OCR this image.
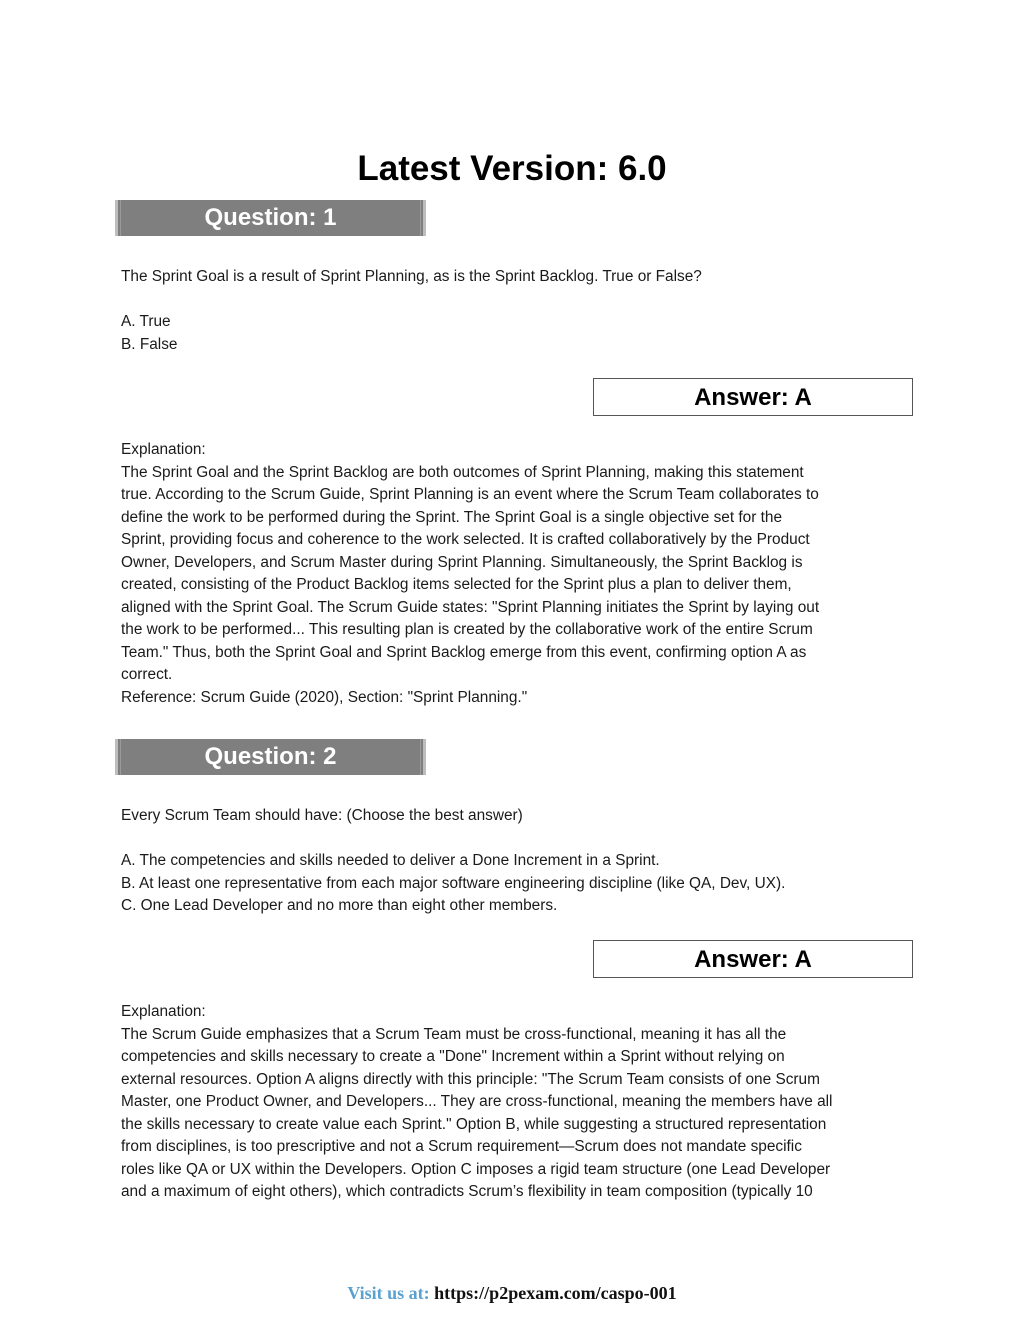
Latest Version: 6.0
Question: 1

The Sprint Goal is a result of Sprint Planning, as is the Sprint Backlog. True or False?

A. True

B. False

Answer: A

Explanation:

The Sprint Goal and the Sprint Backlog are both outcomes of Sprint Planning, making this statement

true. According to the Scrum Guide, Sprint Planning is an event where the Scrum Team collaborates to

define the work to be performed during the Sprint. The Sprint Goal is a single objective set for the

Sprint, providing focus and coherence to the work selected. It is crafted collaboratively by the Product

Owner, Developers, and Scrum Master during Sprint Planning. Simultaneously, the Sprint Backlog is

created, consisting of the Product Backlog items selected for the Sprint plus a plan to deliver them,

aligned with the Sprint Goal. The Scrum Guide states: "Sprint Planning initiates the Sprint by laying out

the work to be performed... This resulting plan is created by the collaborative work of the entire Scrum

Team." Thus, both the Sprint Goal and Sprint Backlog emerge from this event, confirming option A as

correct.

Reference: Scrum Guide (2020), Section: "Sprint Planning."

Question: 2

Every Scrum Team should have: (Choose the best answer)

A. The competencies and skills needed to deliver a Done Increment in a Sprint.

B. At least one representative from each major software engineering discipline (like QA, Dev, UX).

C. One Lead Developer and no more than eight other members.

Answer: A

Explanation:

The Scrum Guide emphasizes that a Scrum Team must be cross-functional, meaning it has all the

competencies and skills necessary to create a "Done" Increment within a Sprint without relying on

external resources. Option A aligns directly with this principle: "The Scrum Team consists of one Scrum

Master, one Product Owner, and Developers... They are cross-functional, meaning the members have all

the skills necessary to create value each Sprint." Option B, while suggesting a structured representation

from disciplines, is too prescriptive and not a Scrum requirement—Scrum does not mandate specific

roles like QA or UX within the Developers. Option C imposes a rigid team structure (one Lead Developer

and a maximum of eight others), which contradicts Scrum’s flexibility in team composition (typically 10

Visit us at: https://p2pexam.com/caspo-001
